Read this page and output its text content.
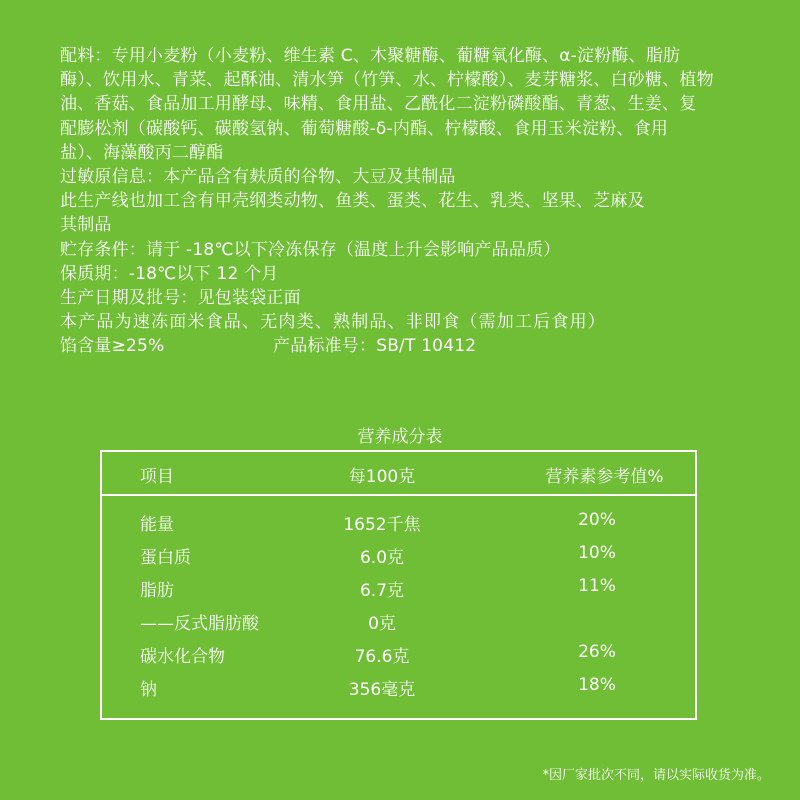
配料：专用小麦粉（小麦粉、维生素 C、木聚糖酶、葡糖氧化酶、α-淀粉酶、脂肪

酶）、饮用水、青菜、起酥油、清水笋（竹笋、水、柠檬酸）、麦芽糖浆、白砂糖、植物

油、香菇、食品加工用酵母、味精、食用盐、乙酰化二淀粉磷酸酯、青葱、生姜、复

配膨松剂（碳酸钙、碳酸氢钠、葡萄糖酸-δ-内酯、柠檬酸、食用玉米淀粉、食用

盐）、海藻酸丙二醇酯

过敏原信息：本产品含有麸质的谷物、大豆及其制品

此生产线也加工含有甲壳纲类动物、鱼类、蛋类、花生、乳类、坚果、芝麻及

其制品

贮存条件：请于 -18℃以下冷冻保存（温度上升会影响产品品质）

保质期：-18℃以下 12 个月

生产日期及批号：见包装袋正面

本产品为速冻面米食品、无肉类、熟制品、非即食（需加工后食用）

馅含量≥25%	产品标准号：SB/T 10412
营养成分表
项目	每100克	营养素参考值%
能量	1652千焦	20%
蛋白质	6.0克	10%
脂肪	6.7克	11%
——反式脂肪酸	0克
碳水化合物	76.6克	26%
钠	356毫克	18%
*因厂家批次不同，请以实际收货为准。
